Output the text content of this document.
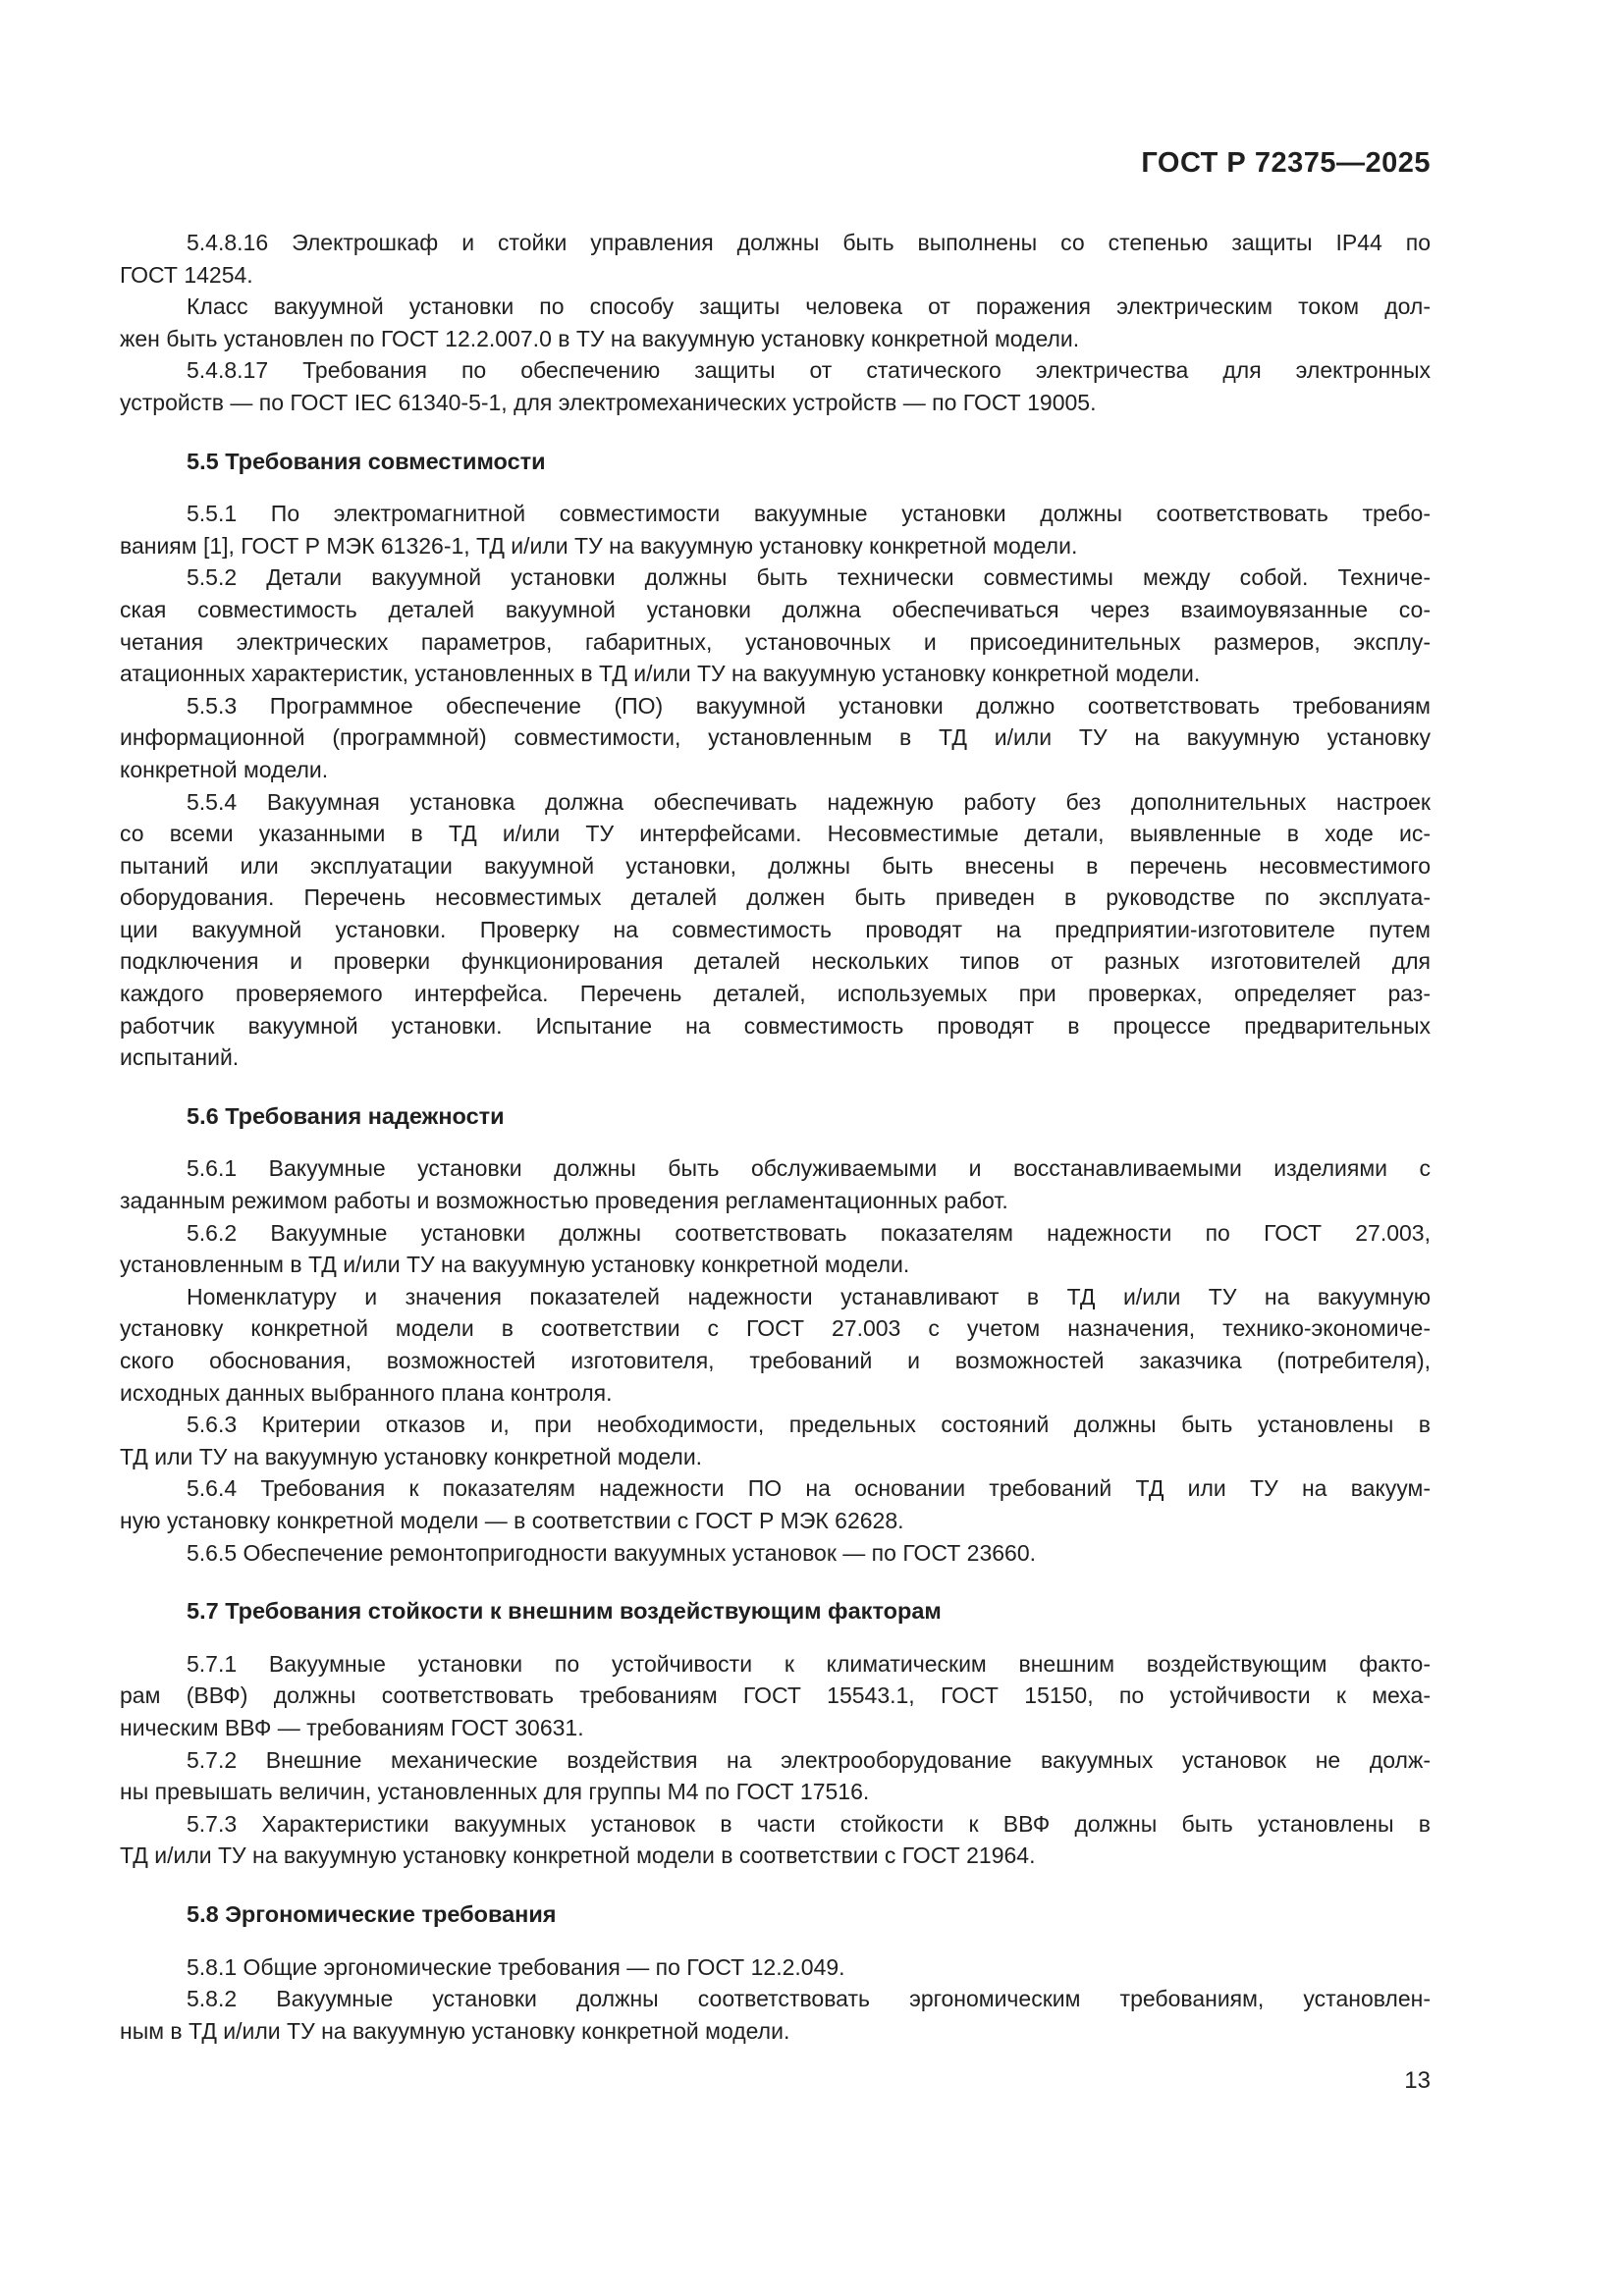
ГОСТ Р 72375—2025
5.4.8.16 Электрошкаф и стойки управления должны быть выполнены со степенью защиты IP44 по
ГОСТ 14254.
Класс вакуумной установки по способу защиты человека от поражения электрическим током дол-
жен быть установлен по ГОСТ 12.2.007.0 в ТУ на вакуумную установку конкретной модели.
5.4.8.17 Требования по обеспечению защиты от статического электричества для электронных
устройств — по ГОСТ IEC 61340-5-1, для электромеханических устройств — по ГОСТ 19005.
5.5 Требования совместимости
5.5.1 По электромагнитной совместимости вакуумные установки должны соответствовать требо-
ваниям [1], ГОСТ Р МЭК 61326-1, ТД и/или ТУ на вакуумную установку конкретной модели.
5.5.2 Детали вакуумной установки должны быть технически совместимы между собой. Техниче-
ская совместимость деталей вакуумной установки должна обеспечиваться через взаимоувязанные со-
четания электрических параметров, габаритных, установочных и присоединительных размеров, эксплу-
атационных характеристик, установленных в ТД и/или ТУ на вакуумную установку конкретной модели.
5.5.3 Программное обеспечение (ПО) вакуумной установки должно соответствовать требованиям
информационной (программной) совместимости, установленным в ТД и/или ТУ на вакуумную установку
конкретной модели.
5.5.4 Вакуумная установка должна обеспечивать надежную работу без дополнительных настроек
со всеми указанными в ТД и/или ТУ интерфейсами. Несовместимые детали, выявленные в ходе ис-
пытаний или эксплуатации вакуумной установки, должны быть внесены в перечень несовместимого
оборудования. Перечень несовместимых деталей должен быть приведен в руководстве по эксплуата-
ции вакуумной установки. Проверку на совместимость проводят на предприятии-изготовителе путем
подключения и проверки функционирования деталей нескольких типов от разных изготовителей для
каждого проверяемого интерфейса. Перечень деталей, используемых при проверках, определяет раз-
работчик вакуумной установки. Испытание на совместимость проводят в процессе предварительных
испытаний.
5.6 Требования надежности
5.6.1 Вакуумные установки должны быть обслуживаемыми и восстанавливаемыми изделиями с
заданным режимом работы и возможностью проведения регламентационных работ.
5.6.2 Вакуумные установки должны соответствовать показателям надежности по ГОСТ 27.003,
установленным в ТД и/или ТУ на вакуумную установку конкретной модели.
Номенклатуру и значения показателей надежности устанавливают в ТД и/или ТУ на вакуумную
установку конкретной модели в соответствии с ГОСТ 27.003 с учетом назначения, технико-экономиче-
ского обоснования, возможностей изготовителя, требований и возможностей заказчика (потребителя),
исходных данных выбранного плана контроля.
5.6.3 Критерии отказов и, при необходимости, предельных состояний должны быть установлены в
ТД или ТУ на вакуумную установку конкретной модели.
5.6.4 Требования к показателям надежности ПО на основании требований ТД или ТУ на вакуум-
ную установку конкретной модели — в соответствии с ГОСТ Р МЭК 62628.
5.6.5 Обеспечение ремонтопригодности вакуумных установок — по ГОСТ 23660.
5.7 Требования стойкости к внешним воздействующим факторам
5.7.1 Вакуумные установки по устойчивости к климатическим внешним воздействующим факто-
рам (ВВФ) должны соответствовать требованиям ГОСТ 15543.1, ГОСТ 15150, по устойчивости к меха-
ническим ВВФ — требованиям ГОСТ 30631.
5.7.2 Внешние механические воздействия на электрооборудование вакуумных установок не долж-
ны превышать величин, установленных для группы М4 по ГОСТ 17516.
5.7.3 Характеристики вакуумных установок в части стойкости к ВВФ должны быть установлены в
ТД и/или ТУ на вакуумную установку конкретной модели в соответствии с ГОСТ 21964.
5.8 Эргономические требования
5.8.1 Общие эргономические требования — по ГОСТ 12.2.049.
5.8.2 Вакуумные установки должны соответствовать эргономическим требованиям, установлен-
ным в ТД и/или ТУ на вакуумную установку конкретной модели.
13
